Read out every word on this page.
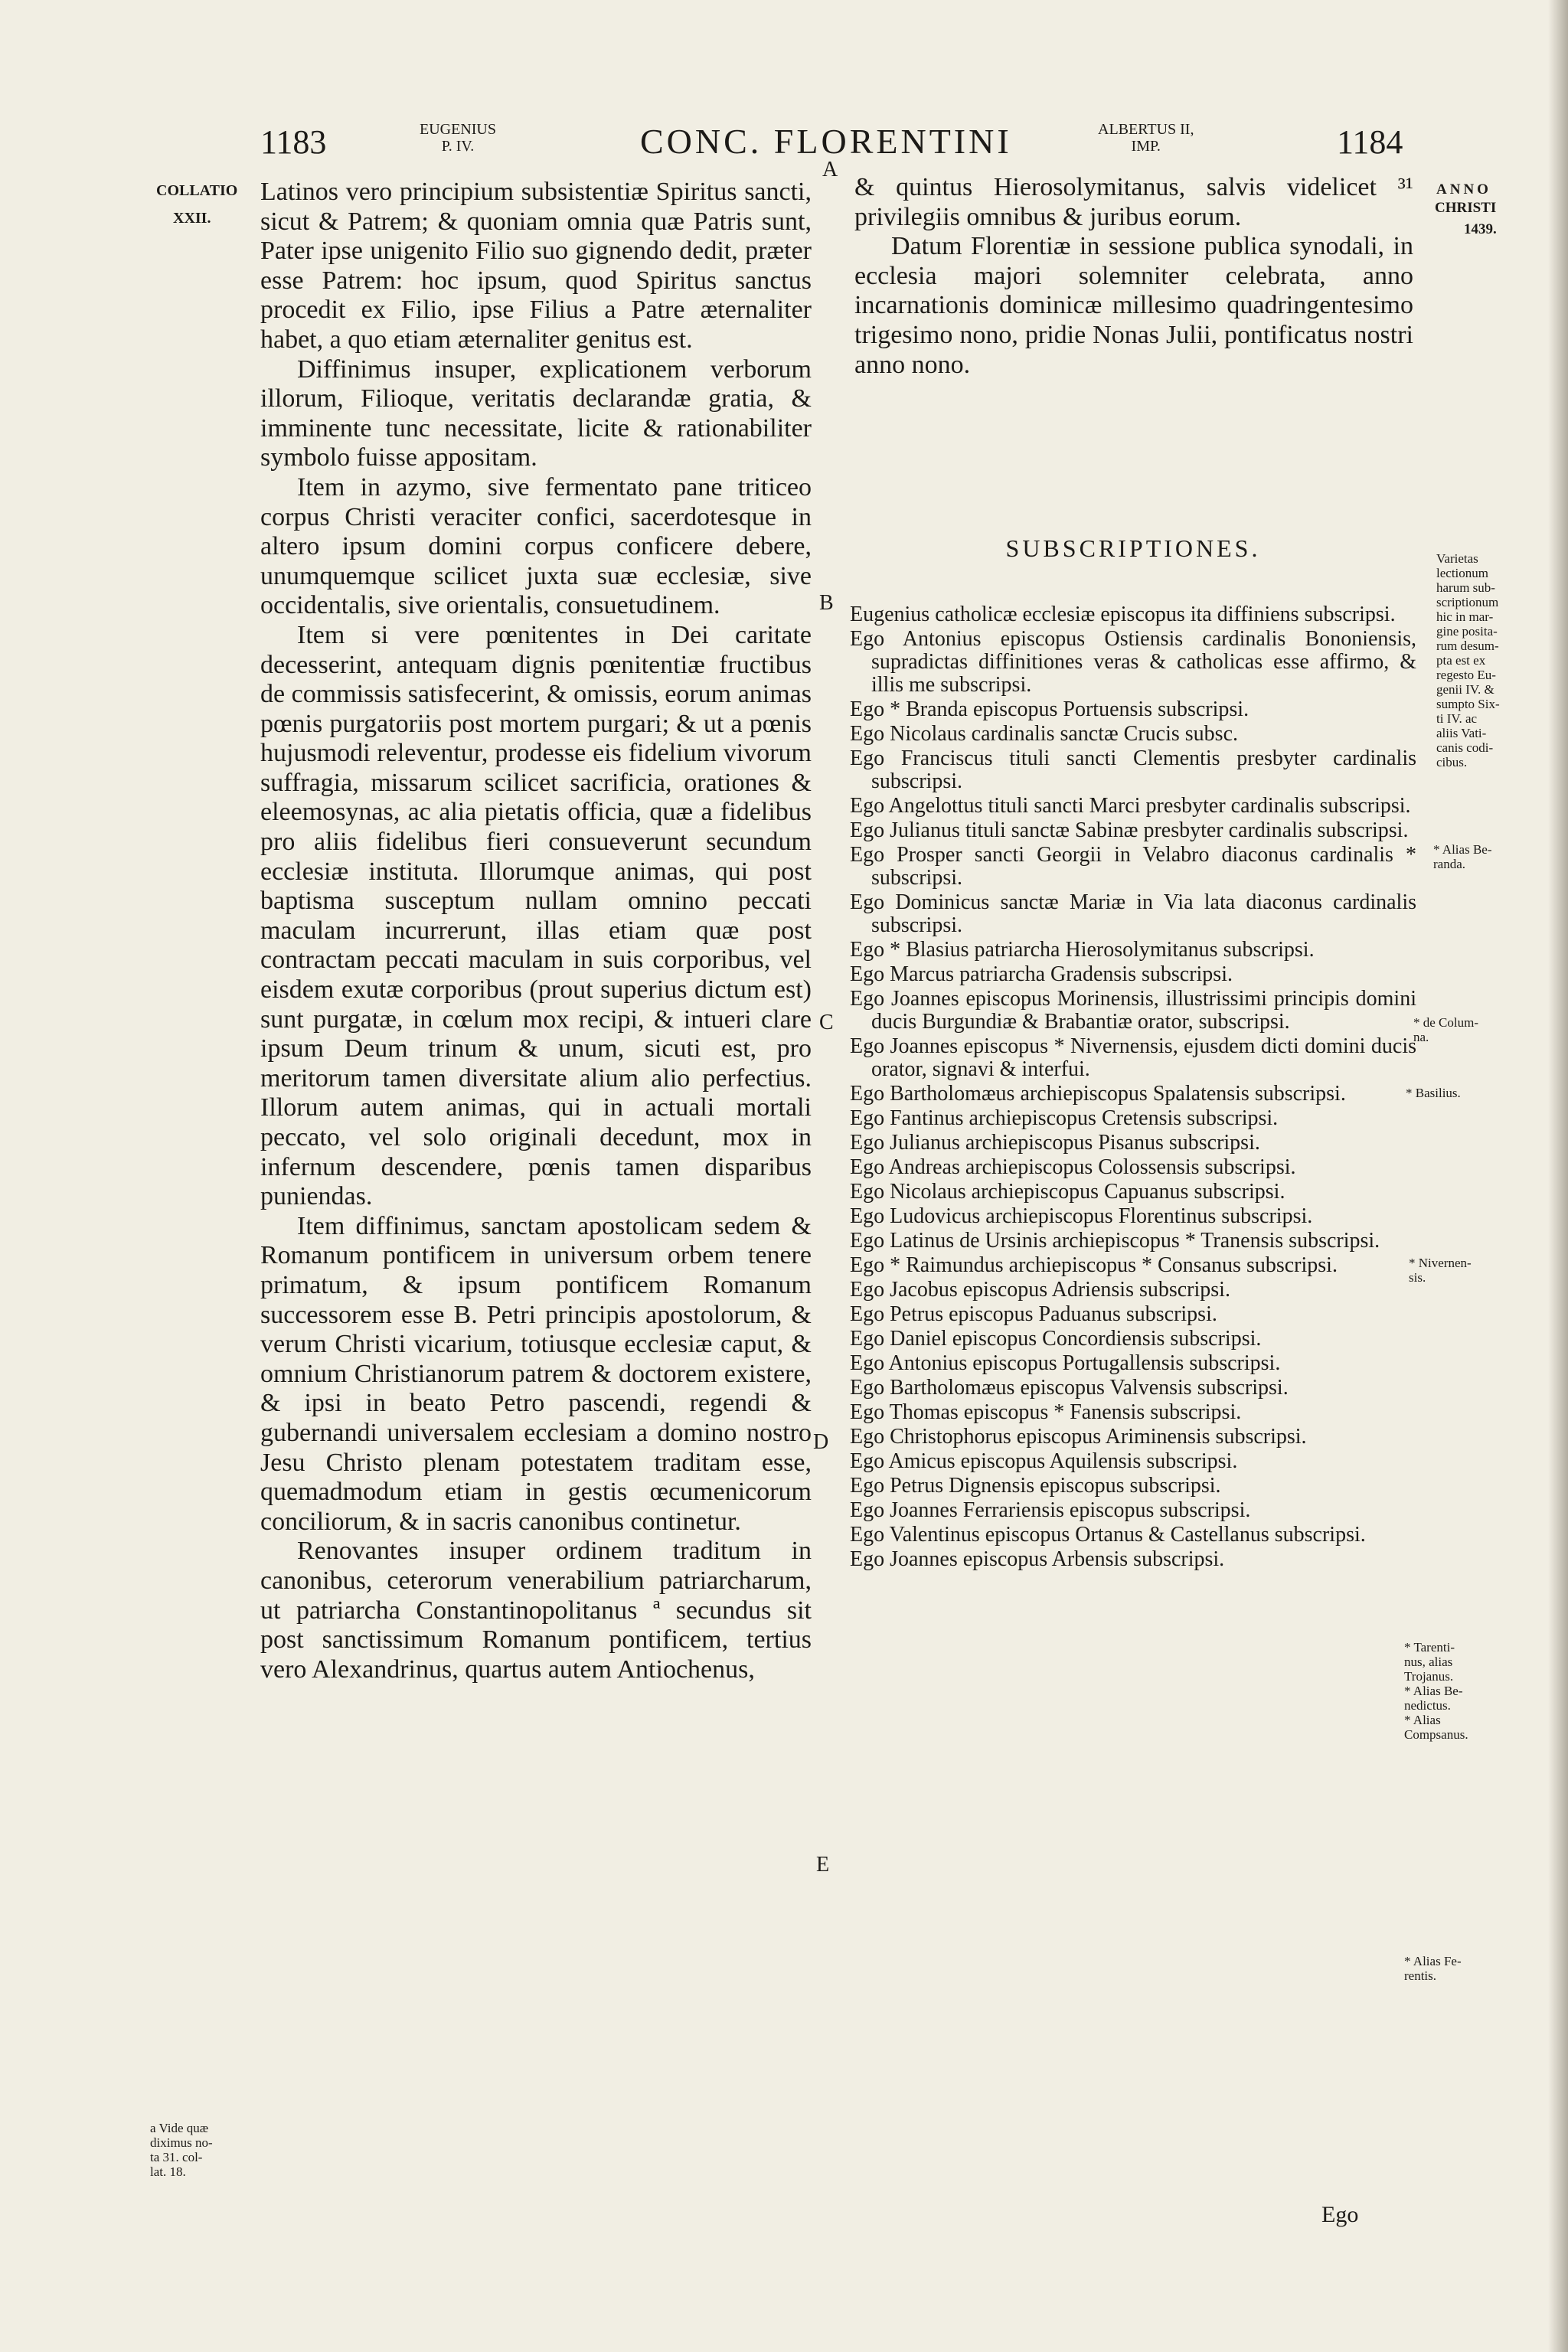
1183	EUGENIUS
P. IV.	CONC. FLORENTINI	ALBERTUS II,
IMP.	1184
COLLATIO
XXII.
a Vide quæ
diximus no-
ta 31. col-
lat. 18.

Latinos vero principium subsistentiæ Spiritus sancti, sicut & Patrem; & quoniam omnia quæ Patris sunt, Pater ipse unigenito Filio suo gignendo dedit, præter esse Patrem: hoc ipsum, quod Spiritus sanctus procedit ex Filio, ipse Filius a Patre æternaliter habet, a quo etiam æternaliter genitus est.

Diffinimus insuper, explicationem verborum illorum, Filioque, veritatis declarandæ gratia, & imminente tunc necessitate, licite & rationabiliter symbolo fuisse appositam.

Item in azymo, sive fermentato pane triticeo corpus Christi veraciter confici, sacerdotesque in altero ipsum domini corpus conficere debere, unumquemque scilicet juxta suæ ecclesiæ, sive occidentalis, sive orientalis, consuetudinem.

Item si vere pœnitentes in Dei caritate decesserint, antequam dignis pœnitentiæ fructibus de commissis satisfecerint, & omissis, eorum animas pœnis purgatoriis post mortem purgari; & ut a pœnis hujusmodi releventur, prodesse eis fidelium vivorum suffragia, missarum scilicet sacrificia, orationes & eleemosynas, ac alia pietatis officia, quæ a fidelibus pro aliis fidelibus fieri consueverunt secundum ecclesiæ instituta. Illorumque animas, qui post baptisma susceptum nullam omnino peccati maculam incurrerunt, illas etiam quæ post contractam peccati maculam in suis corporibus, vel eisdem exutæ corporibus (prout superius dictum est) sunt purgatæ, in cœlum mox recipi, & intueri clare ipsum Deum trinum & unum, sicuti est, pro meritorum tamen diversitate alium alio perfectius. Illorum autem animas, qui in actuali mortali peccato, vel solo originali decedunt, mox in infernum descendere, pœnis tamen disparibus puniendas.

Item diffinimus, sanctam apostolicam sedem & Romanum pontificem in universum orbem tenere primatum, & ipsum pontificem Romanum successorem esse B. Petri principis apostolorum, & verum Christi vicarium, totiusque ecclesiæ caput, & omnium Christianorum patrem & doctorem existere, & ipsi in beato Petro pascendi, regendi & gubernandi universalem ecclesiam a domino nostro Jesu Christo plenam potestatem traditam esse, quemadmodum etiam in gestis œcumenicorum conciliorum, & in sacris canonibus continetur.

Renovantes insuper ordinem traditum in canonibus, ceterorum venerabilium patriarcharum, ut patriarcha Constantinopolitanus ª secundus sit post sanctissimum Romanum pontificem, tertius vero Alexandrinus, quartus autem Antiochenus,

A
B
C
D
E

& quintus Hierosolymitanus, salvis videlicet ³¹ privilegiis omnibus & juribus eorum.

Datum Florentiæ in sessione publica synodali, in ecclesia majori solemniter celebrata, anno incarnationis dominicæ millesimo quadringentesimo trigesimo nono, pridie Nonas Julii, pontificatus nostri anno nono.

ANNO
CHRISTI
1439.
Varietas
lectionum
harum sub-
scriptionum
hic in mar-
gine posita-
rum desum-
pta est ex
regesto Eu-
genii IV. &
sumpto Six-
ti IV. ac
aliis Vati-
canis codi-
cibus.
* Alias Be-
randa.
* de Colum-
na.
* Basilius.
* Nivernen-
sis.
* Tarenti-
nus, alias
Trojanus.
* Alias Be-
nedictus.
* Alias
Compsanus.
* Alias Fe-
rentis.
SUBSCRIPTIONES.

Eugenius catholicæ ecclesiæ episcopus ita diffiniens subscripsi.

Ego Antonius episcopus Ostiensis cardinalis Bononiensis, supradictas diffinitiones veras & catholicas esse affirmo, & illis me subscripsi.

Ego * Branda episcopus Portuensis subscripsi.

Ego Nicolaus cardinalis sanctæ Crucis subsc.

Ego Franciscus tituli sancti Clementis presbyter cardinalis subscripsi.

Ego Angelottus tituli sancti Marci presbyter cardinalis subscripsi.

Ego Julianus tituli sanctæ Sabinæ presbyter cardinalis subscripsi.

Ego Prosper sancti Georgii in Velabro diaconus cardinalis * subscripsi.

Ego Dominicus sanctæ Mariæ in Via lata diaconus cardinalis subscripsi.

Ego * Blasius patriarcha Hierosolymitanus subscripsi.

Ego Marcus patriarcha Gradensis subscripsi.

Ego Joannes episcopus Morinensis, illustrissimi principis domini ducis Burgundiæ & Brabantiæ orator, subscripsi.

Ego Joannes episcopus * Nivernensis, ejusdem dicti domini ducis orator, signavi & interfui.

Ego Bartholomæus archiepiscopus Spalatensis subscripsi.

Ego Fantinus archiepiscopus Cretensis subscripsi.

Ego Julianus archiepiscopus Pisanus subscripsi.

Ego Andreas archiepiscopus Colossensis subscripsi.

Ego Nicolaus archiepiscopus Capuanus subscripsi.

Ego Ludovicus archiepiscopus Florentinus subscripsi.

Ego Latinus de Ursinis archiepiscopus * Tranensis subscripsi.

Ego * Raimundus archiepiscopus * Consanus subscripsi.

Ego Jacobus episcopus Adriensis subscripsi.

Ego Petrus episcopus Paduanus subscripsi.

Ego Daniel episcopus Concordiensis subscripsi.

Ego Antonius episcopus Portugallensis subscripsi.

Ego Bartholomæus episcopus Valvensis subscripsi.

Ego Thomas episcopus * Fanensis subscripsi.

Ego Christophorus episcopus Ariminensis subscripsi.

Ego Amicus episcopus Aquilensis subscripsi.

Ego Petrus Dignensis episcopus subscripsi.

Ego Joannes Ferrariensis episcopus subscripsi.

Ego Valentinus episcopus Ortanus & Castellanus subscripsi.

Ego Joannes episcopus Arbensis subscripsi.

Ego
